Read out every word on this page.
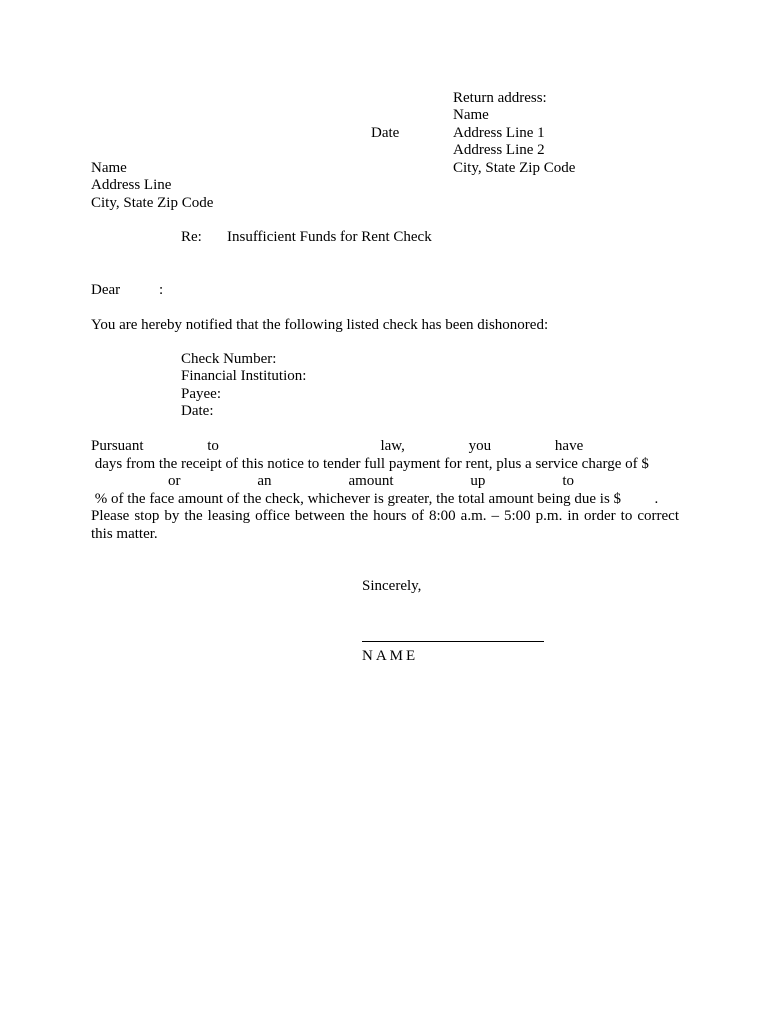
Return address:
Name
Date	Address Line 1
Address Line 2
City, State Zip Code
Name
Address Line
City, State Zip Code
Re: Insufficient Funds for Rent Check
Dear	:
You are hereby notified that the following listed check has been dishonored:
Check Number:
Financial Institution:
Payee:
Date:
Pursuant to  law, you have  days from the receipt of this notice to tender full payment for rent, plus a service charge of $  or an amount up to  % of the face amount of the check, whichever is greater, the total amount being due is $  .
Please stop by the leasing office between the hours of 8:00 a.m. – 5:00 p.m. in order to correct this matter.
Sincerely,
NAME
